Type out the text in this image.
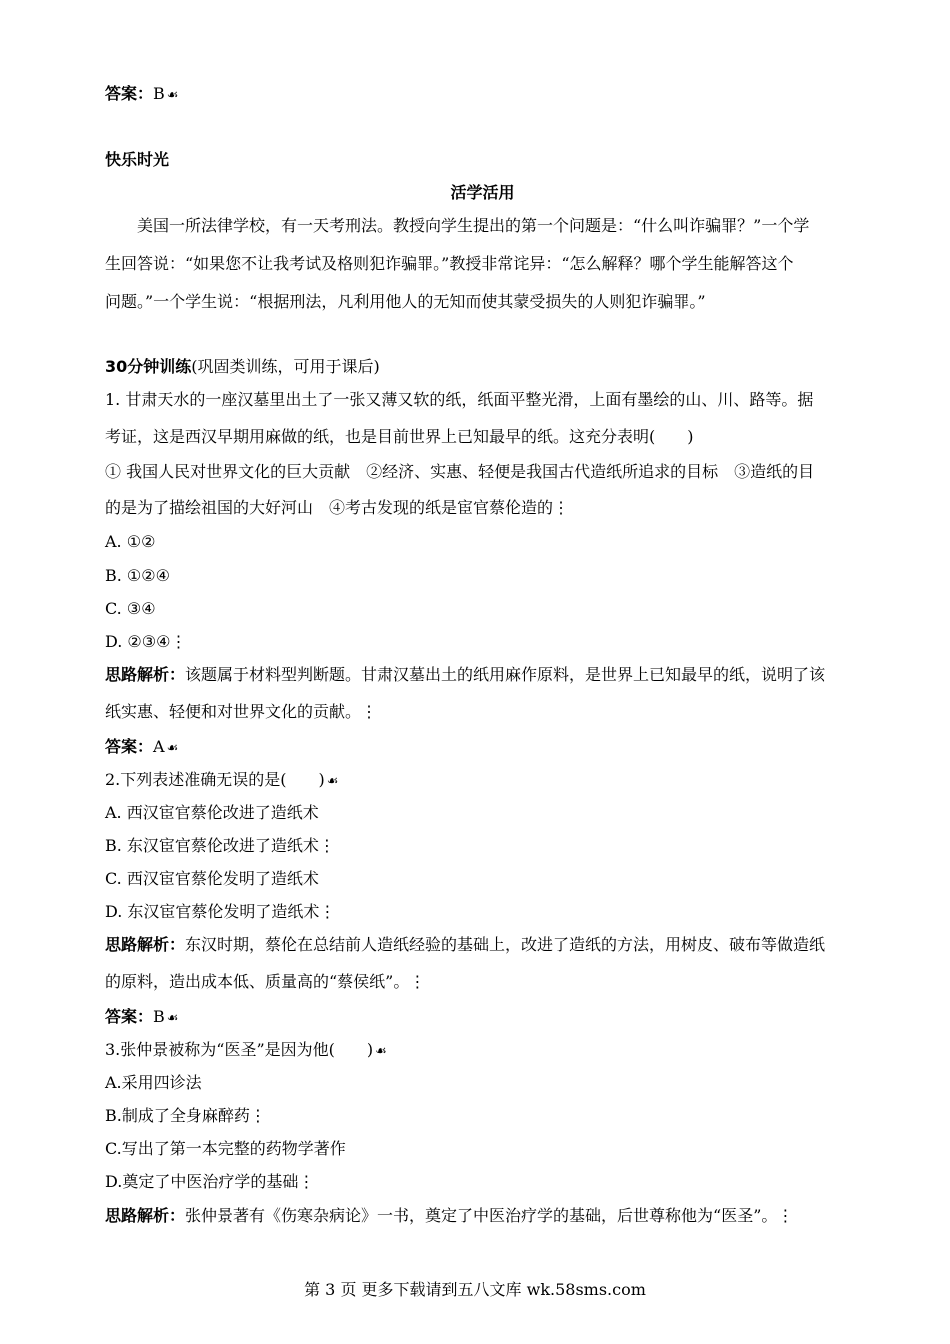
答案：B ☙
快乐时光
活学活用
美国一所法律学校，有一天考刑法。教授向学生提出的第一个问题是：“什么叫诈骗罪？”一个学
生回答说：“如果您不让我考试及格则犯诈骗罪。”教授非常诧异：“怎么解释？哪个学生能解答这个
问题。”一个学生说：“根据刑法，凡利用他人的无知而使其蒙受损失的人则犯诈骗罪。”
30分钟训练(巩固类训练，可用于课后)
1. 甘肃天水的一座汉墓里出土了一张又薄又软的纸，纸面平整光滑，上面有墨绘的山、川、路等。据
考证，这是西汉早期用麻做的纸，也是目前世界上已知最早的纸。这充分表明(　　)
① 我国人民对世界文化的巨大贡献　②经济、实惠、轻便是我国古代造纸所追求的目标　③造纸的目
的是为了描绘祖国的大好河山　④考古发现的纸是宦官蔡伦造的⋮
A. ①②
B. ①②④
C. ③④
D. ②③④⋮
思路解析：该题属于材料型判断题。甘肃汉墓出土的纸用麻作原料，是世界上已知最早的纸，说明了该
纸实惠、轻便和对世界文化的贡献。⋮
答案：A ☙
2.下列表述准确无误的是(　　) ☙
A. 西汉宦官蔡伦改进了造纸术
B. 东汉宦官蔡伦改进了造纸术⋮
C. 西汉宦官蔡伦发明了造纸术
D. 东汉宦官蔡伦发明了造纸术⋮
思路解析：东汉时期，蔡伦在总结前人造纸经验的基础上，改进了造纸的方法，用树皮、破布等做造纸
的原料，造出成本低、质量高的“蔡侯纸”。⋮
答案：B ☙
3.张仲景被称为“医圣”是因为他(　　) ☙
A.采用四诊法
B.制成了全身麻醉药⋮
C.写出了第一本完整的药物学著作
D.奠定了中医治疗学的基础⋮
思路解析：张仲景著有《伤寒杂病论》一书，奠定了中医治疗学的基础，后世尊称他为“医圣”。⋮
第 3 页 更多下载请到五八文库 wk.58sms.com
